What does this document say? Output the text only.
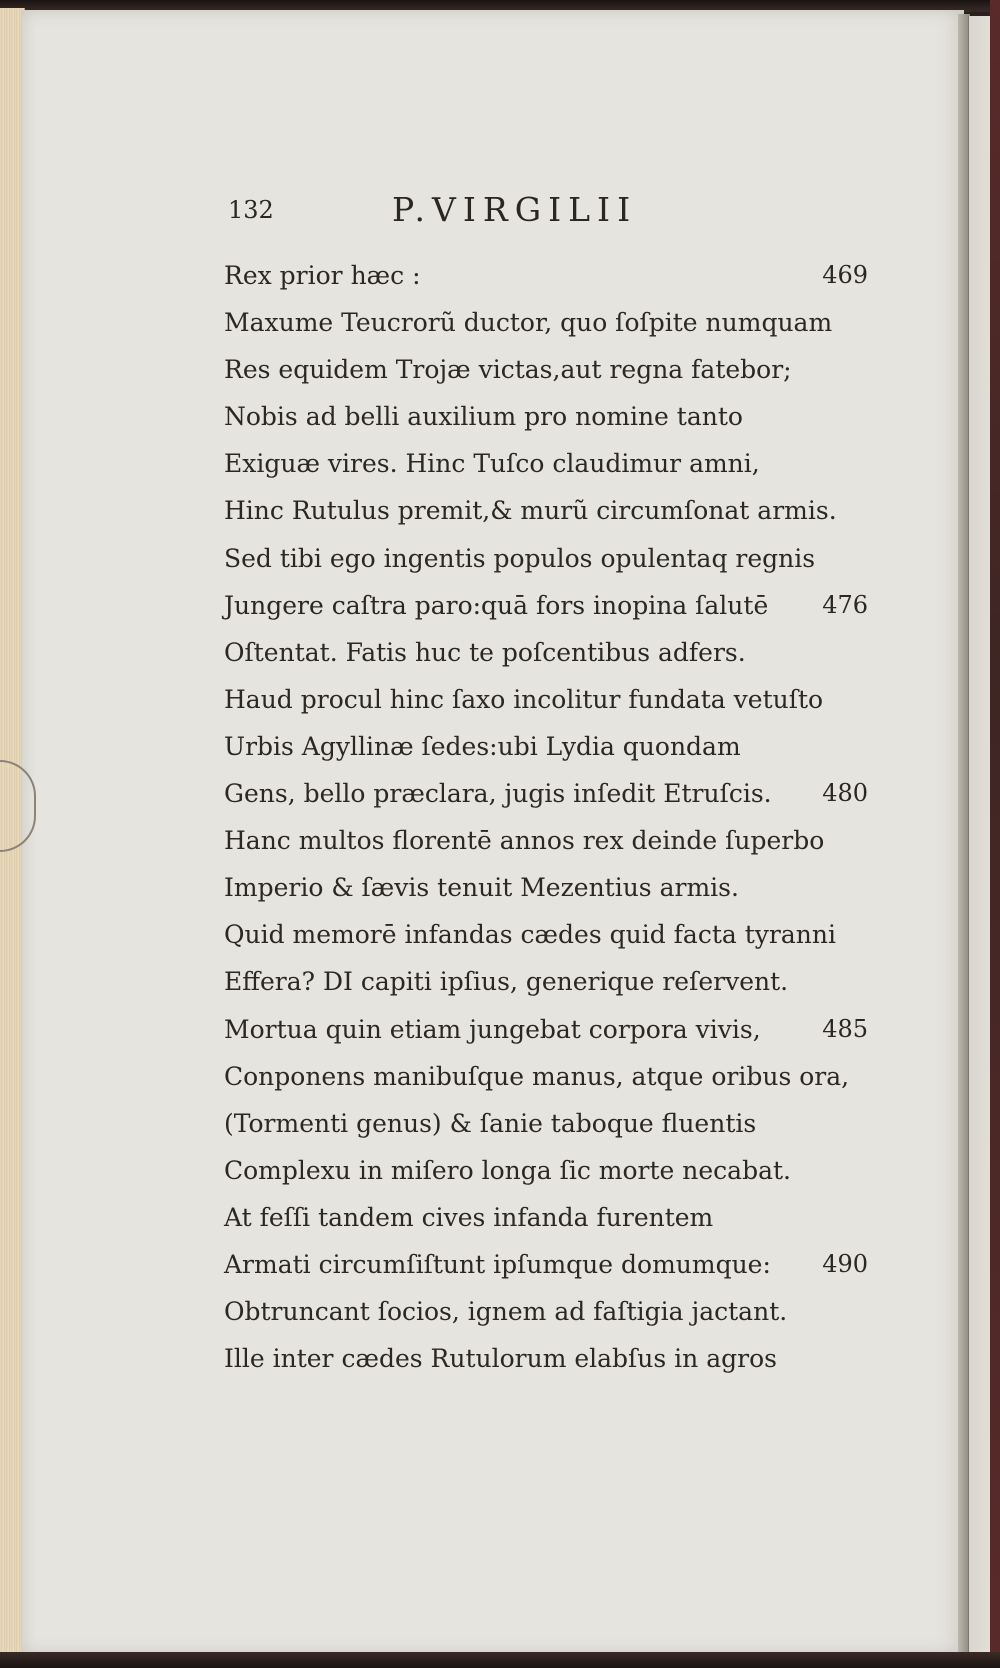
132	P.VIRGILII
Rex prior hæc :	469
Maxume Teucrorũ ductor, quo ſoſpite numquam
Res equidem Trojæ victas,aut regna fatebor;
Nobis ad belli auxilium pro nomine tanto
Exiguæ vires. Hinc Tuſco claudimur amni,
Hinc Rutulus premit,& murũ circumſonat armis.
Sed tibi ego ingentis populos opulentaq regnis
Jungere caſtra paro:quā fors inopina ſalutē 476
Oſtentat. Fatis huc te poſcentibus adfers.
Haud procul hinc ſaxo incolitur fundata vetuſto
Urbis Agyllinæ ſedes:ubi Lydia quondam
Gens, bello præclara, jugis inſedit Etruſcis. 480
Hanc multos florentē annos rex deinde ſuperbo
Imperio & ſævis tenuit Mezentius armis.
Quid memorē infandas cædes quid facta tyranni
Effera? DI capiti ipſius, generique reſervent.
Mortua quin etiam jungebat corpora vivis,	485
Conponens manibuſque manus, atque oribus ora,
(Tormenti genus) & ſanie taboque fluentis
Complexu in miſero longa ſic morte necabat.
At feſſi tandem cives infanda furentem
Armati circumſiſtunt ipſumque domumque: 490
Obtruncant ſocios, ignem ad faſtigia jactant.
Ille inter cædes Rutulorum elabſus in agros
